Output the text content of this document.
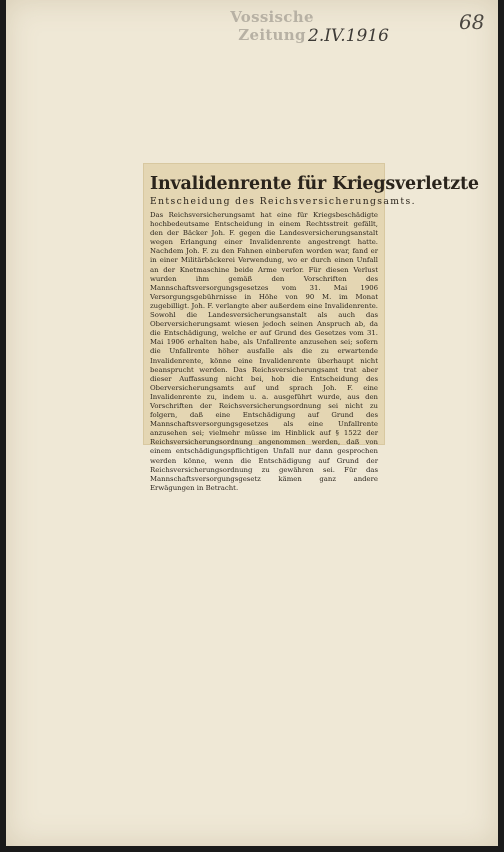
Vossische Zeitung 2.IV.1916
68
Invalidenrente für Kriegsverletzte
Entscheidung des Reichsversicherungsamts.

Das Reichsversicherungsamt hat eine für Kriegsbeschädigte hochbedeutsame Entscheidung in einem Rechtsstreit gefällt, den der Bäcker Joh. F. gegen die Landesversicherungsanstalt wegen Erlangung einer Invalidenrente angestrengt hatte. Nachdem Joh. F. zu den Fahnen einberufen worden war, fand er in einer Militärbäckerei Verwendung, wo er durch einen Unfall an der Knetmaschine beide Arme verlor. Für diesen Verlust wurden ihm gemäß den Vorschriften des Mannschaftsversorgungsgesetzes vom 31. Mai 1906 Versorgungsgebührnisse in Höhe von 90 M. im Monat zugebilligt. Joh. F. verlangte aber außerdem eine Invalidenrente. Sowohl die Landesversicherungsanstalt als auch das Oberversicherungsamt wiesen jedoch seinen Anspruch ab, da die Entschädigung, welche er auf Grund des Gesetzes vom 31. Mai 1906 erhalten habe, als Unfallrente anzusehen sei; sofern die Unfallrente höher ausfalle als die zu erwartende Invalidenrente, könne eine Invalidenrente überhaupt nicht beansprucht werden. Das Reichsversicherungsamt trat aber dieser Auffassung nicht bei, hob die Entscheidung des Oberversicherungsamts auf und sprach Joh. F. eine Invalidenrente zu, indem u. a. ausgeführt wurde, aus den Vorschriften der Reichsversicherungsordnung sei nicht zu folgern, daß eine Entschädigung auf Grund des Mannschaftsversorgungsgesetzes als eine Unfallrente anzusehen sei; vielmehr müsse im Hinblick auf § 1522 der Reichsversicherungsordnung angenommen werden, daß von einem entschädigungspflichtigen Unfall nur dann gesprochen werden könne, wenn die Entschädigung auf Grund der Reichsversicherungsordnung zu gewähren sei. Für das Mannschaftsversorgungsgesetz kämen ganz andere Erwägungen in Betracht.
